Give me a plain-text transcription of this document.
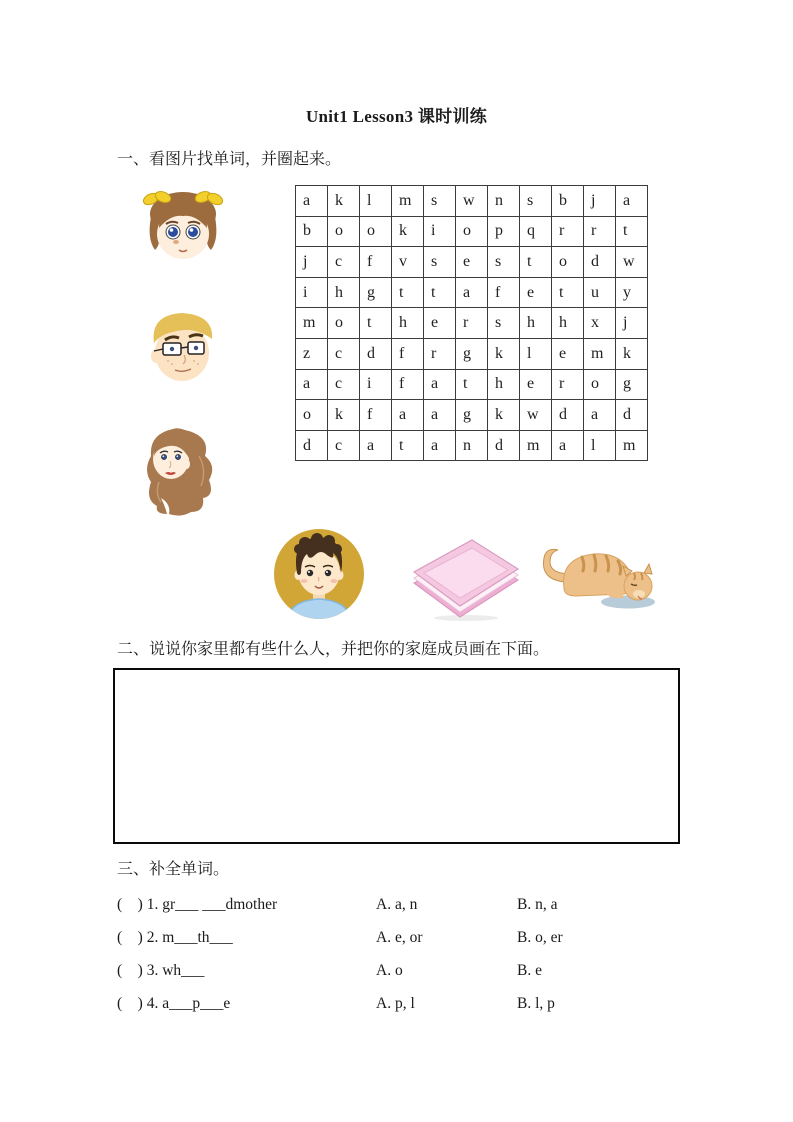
Unit1 Lesson3 课时训练
一、看图片找单词，并圈起来。
a	k	l	m	s	w	n	s	b	j	a
b	o	o	k	i	o	p	q	r	r	t
j	c	f	v	s	e	s	t	o	d	w
i	h	g	t	t	a	f	e	t	u	y
m	o	t	h	e	r	s	h	h	x	j
z	c	d	f	r	g	k	l	e	m	k
a	c	i	f	a	t	h	e	r	o	g
o	k	f	a	a	g	k	w	d	a	d
d	c	a	t	a	n	d	m	a	l	m
二、说说你家里都有些什么人，并把你的家庭成员画在下面。
三、补全单词。
(    ) 1. gr___ ___dmother	A. a, n	B. n, a
(    ) 2. m___th___	A. e, or	B. o, er
(    ) 3. wh___	A. o	B. e
(    ) 4. a___p___e	A. p, l	B. l, p
